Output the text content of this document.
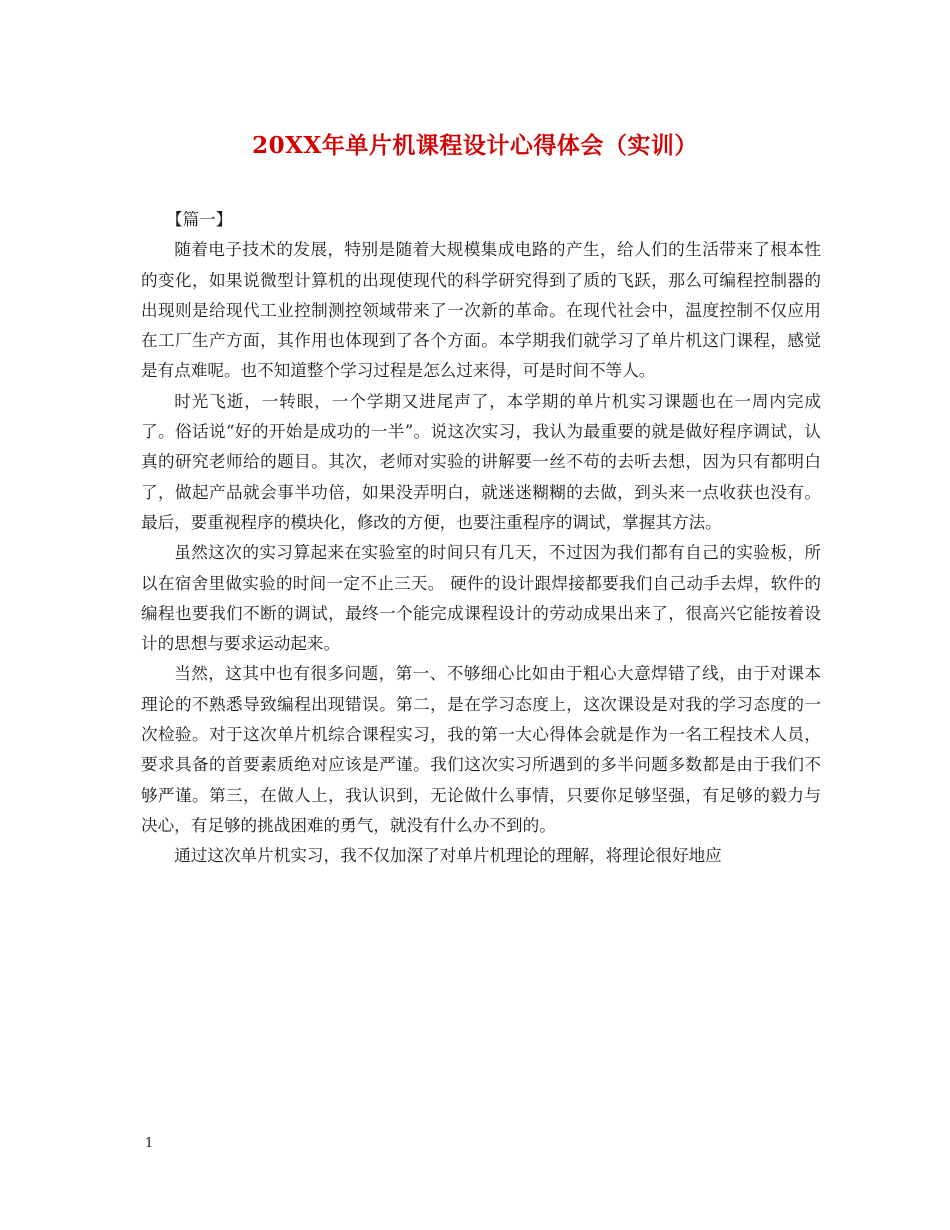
20XX年单片机课程设计心得体会（实训）

【篇一】

随着电子技术的发展，特别是随着大规模集成电路的产生，给人们的生活带来了根本性的变化，如果说微型计算机的出现使现代的科学研究得到了质的飞跃，那么可编程控制器的出现则是给现代工业控制测控领域带来了一次新的革命。在现代社会中，温度控制不仅应用在工厂生产方面，其作用也体现到了各个方面。本学期我们就学习了单片机这门课程，感觉是有点难呢。也不知道整个学习过程是怎么过来得，可是时间不等人。

时光飞逝，一转眼，一个学期又进尾声了，本学期的单片机实习课题也在一周内完成了。俗话说“好的开始是成功的一半”。说这次实习，我认为最重要的就是做好程序调试，认真的研究老师给的题目。其次，老师对实验的讲解要一丝不苟的去听去想，因为只有都明白了，做起产品就会事半功倍，如果没弄明白，就迷迷糊糊的去做，到头来一点收获也没有。最后，要重视程序的模块化，修改的方便，也要注重程序的调试，掌握其方法。

虽然这次的实习算起来在实验室的时间只有几天，不过因为我们都有自己的实验板，所以在宿舍里做实验的时间一定不止三天。 硬件的设计跟焊接都要我们自己动手去焊，软件的编程也要我们不断的调试，最终一个能完成课程设计的劳动成果出来了，很高兴它能按着设计的思想与要求运动起来。

当然，这其中也有很多问题，第一、不够细心比如由于粗心大意焊错了线，由于对课本理论的不熟悉导致编程出现错误。第二，是在学习态度上，这次课设是对我的学习态度的一次检验。对于这次单片机综合课程实习，我的第一大心得体会就是作为一名工程技术人员，要求具备的首要素质绝对应该是严谨。我们这次实习所遇到的多半问题多数都是由于我们不够严谨。第三，在做人上，我认识到，无论做什么事情，只要你足够坚强，有足够的毅力与决心，有足够的挑战困难的勇气，就没有什么办不到的。

通过这次单片机实习，我不仅加深了对单片机理论的理解，将理论很好地应

1
